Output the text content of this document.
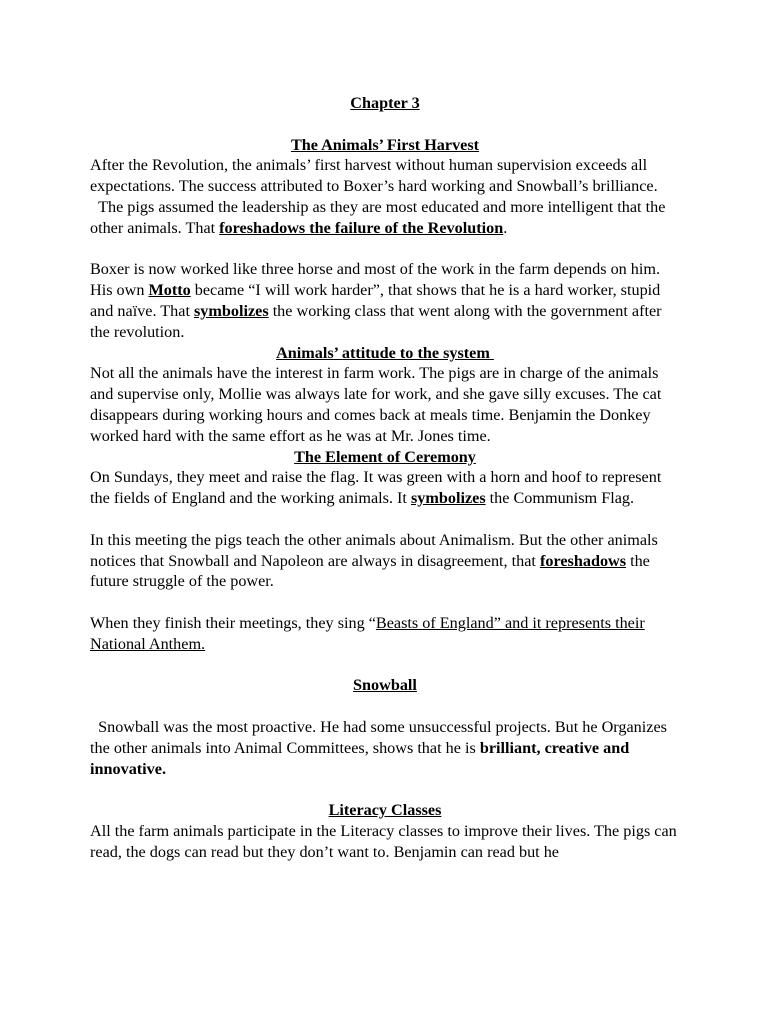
Chapter 3

The Animals’ First Harvest

After the Revolution, the animals’ first harvest without human supervision exceeds all expectations. The success attributed to Boxer’s hard working and Snowball’s brilliance.

The pigs assumed the leadership as they are most educated and more intelligent that the other animals. That foreshadows the failure of the Revolution.

Boxer is now worked like three horse and most of the work in the farm depends on him. His own Motto became “I will work harder”, that shows that he is a hard worker, stupid and naïve. That symbolizes the working class that went along with the government after the revolution.

Animals’ attitude to the system

Not all the animals have the interest in farm work. The pigs are in charge of the animals and supervise only, Mollie was always late for work, and she gave silly excuses. The cat disappears during working hours and comes back at meals time. Benjamin the Donkey worked hard with the same effort as he was at Mr. Jones time.

The Element of Ceremony

On Sundays, they meet and raise the flag. It was green with a horn and hoof to represent the fields of England and the working animals. It symbolizes the Communism Flag.

In this meeting the pigs teach the other animals about Animalism. But the other animals notices that Snowball and Napoleon are always in disagreement, that foreshadows the future struggle of the power.

When they finish their meetings, they sing “Beasts of England” and it represents their National Anthem.

Snowball

Snowball was the most proactive. He had some unsuccessful projects. But he Organizes the other animals into Animal Committees, shows that he is brilliant, creative and innovative.

Literacy Classes

All the farm animals participate in the Literacy classes to improve their lives. The pigs can read, the dogs can read but they don’t want to. Benjamin can read but he
